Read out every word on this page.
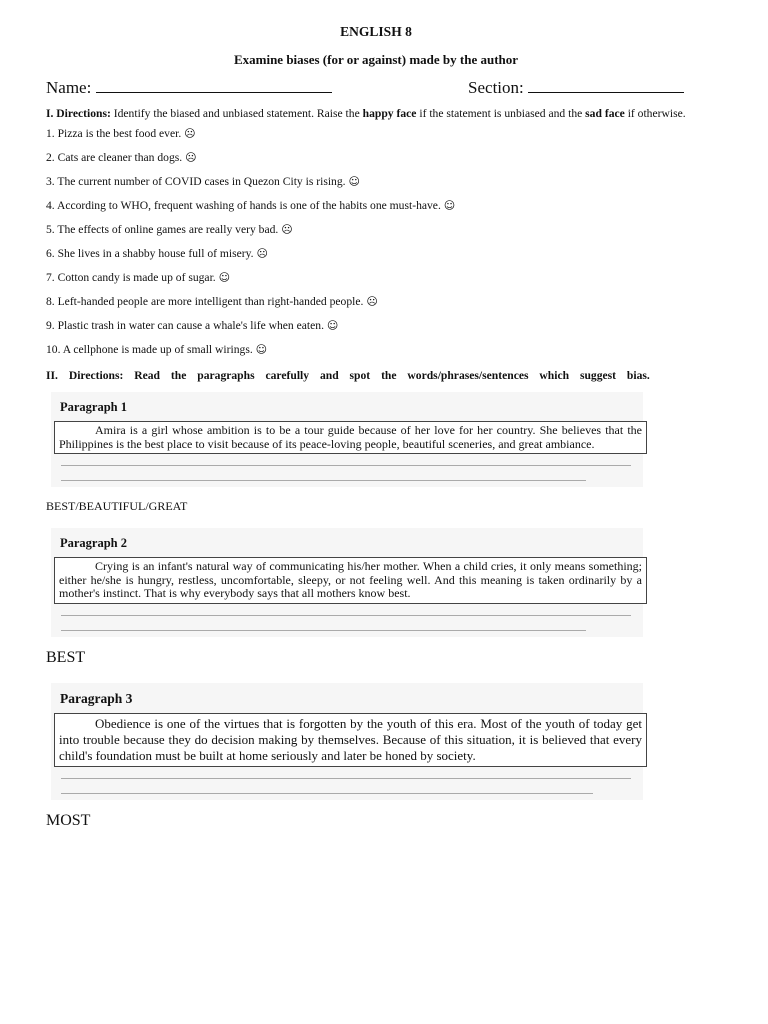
ENGLISH 8

Examine biases (for or against) made by the author

Name:	Section:
I. Directions: Identify the biased and unbiased statement. Raise the happy face if the statement is unbiased and the sad face if otherwise.
1. Pizza is the best food ever. ☹
2. Cats are cleaner than dogs. ☹
3. The current number of COVID cases in Quezon City is rising. ☺
4. According to WHO, frequent washing of hands is one of the habits one must-have. ☺
5. The effects of online games are really very bad. ☹
6. She lives in a shabby house full of misery. ☹
7. Cotton candy is made up of sugar. ☺
8. Left-handed people are more intelligent than right-handed people. ☹
9. Plastic trash in water can cause a whale's life when eaten. ☺
10. A cellphone is made up of small wirings. ☺
II. Directions: Read the paragraphs carefully and spot the words/phrases/sentences which suggest bias.
Paragraph 1
Amira is a girl whose ambition is to be a tour guide because of her love for her country. She believes that the Philippines is the best place to visit because of its peace-loving people, beautiful sceneries, and great ambiance.
BEST/BEAUTIFUL/GREAT
Paragraph 2
Crying is an infant's natural way of communicating his/her mother. When a child cries, it only means something; either he/she is hungry, restless, uncomfortable, sleepy, or not feeling well. And this meaning is taken ordinarily by a mother's instinct. That is why everybody says that all mothers know best.
BEST
Paragraph 3
Obedience is one of the virtues that is forgotten by the youth of this era. Most of the youth of today get into trouble because they do decision making by themselves. Because of this situation, it is believed that every child's foundation must be built at home seriously and later be honed by society.
MOST
